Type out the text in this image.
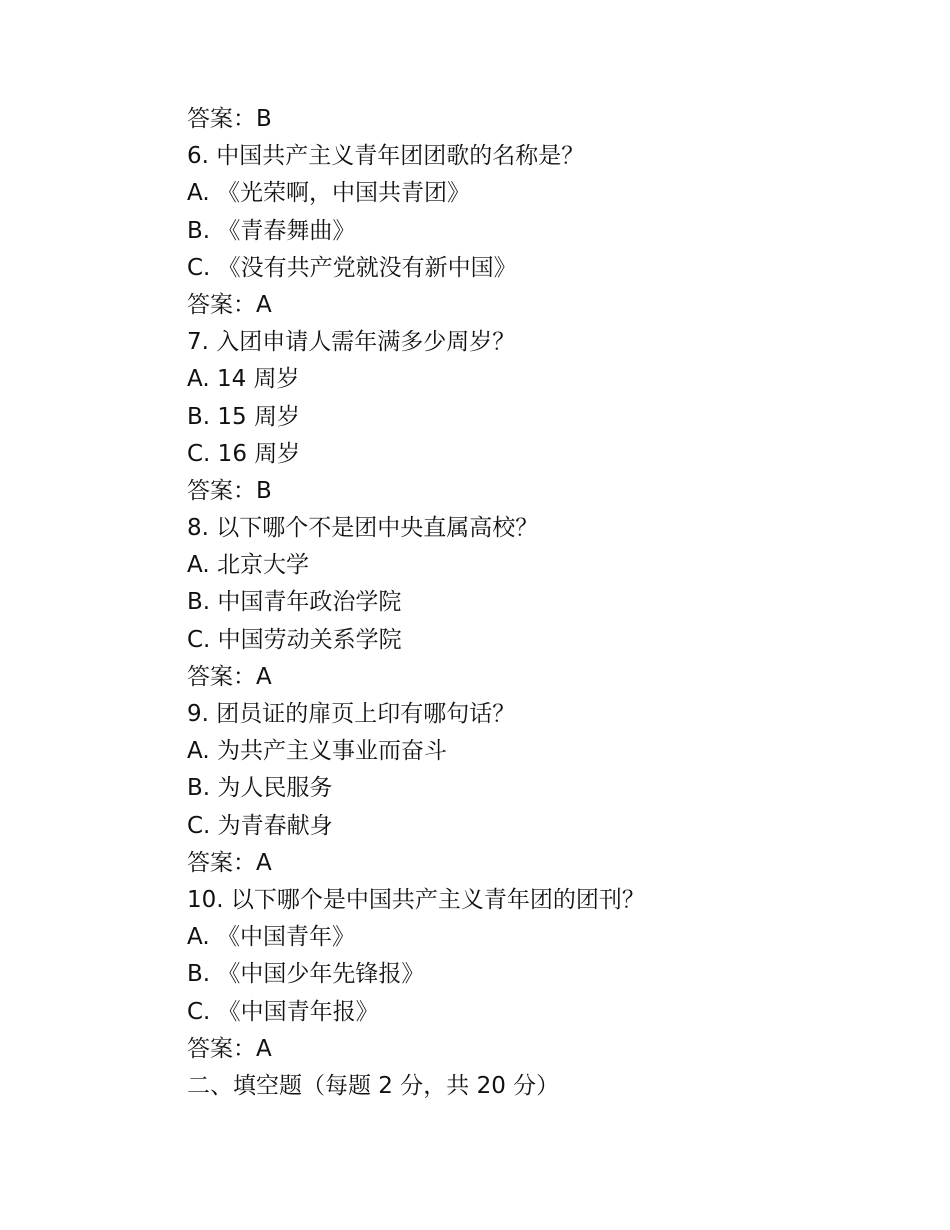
答案：B
6. 中国共产主义青年团团歌的名称是？
A. 《光荣啊，中国共青团》
B. 《青春舞曲》
C. 《没有共产党就没有新中国》
答案：A
7. 入团申请人需年满多少周岁？
A. 14 周岁
B. 15 周岁
C. 16 周岁
答案：B
8. 以下哪个不是团中央直属高校？
A. 北京大学
B. 中国青年政治学院
C. 中国劳动关系学院
答案：A
9. 团员证的扉页上印有哪句话？
A. 为共产主义事业而奋斗
B. 为人民服务
C. 为青春献身
答案：A
10. 以下哪个是中国共产主义青年团的团刊？
A. 《中国青年》
B. 《中国少年先锋报》
C. 《中国青年报》
答案：A
二、填空题（每题 2 分，共 20 分）
